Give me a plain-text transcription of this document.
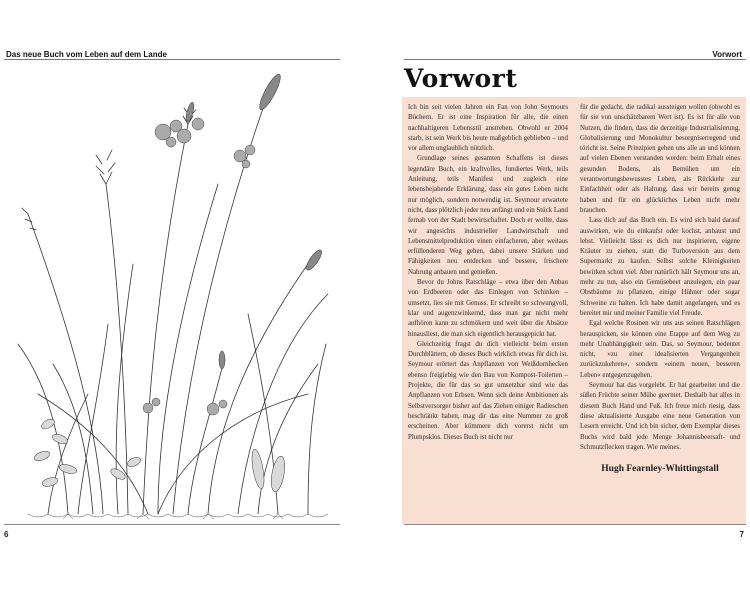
Das neue Buch vom Leben auf dem Lande	Vorwort
6	7
Vorwort

Ich bin seit vielen Jahren ein Fan von John Seymours Büchern. Er ist eine Inspiration für alle, die einen nachhaltigeren Lebensstil anstreben. Obwohl er 2004 starb, ist sein Werk bis heute maßgeblich geblieben – und vor allem unglaublich nützlich.

Grundlage seines gesamten Schaffens ist dieses legendäre Buch, ein kraftvolles, fundiertes Werk, teils Anleitung, teils Manifest und zugleich eine lebensbejahende Erklärung, dass ein gutes Leben nicht nur möglich, sondern notwendig ist. Seymour erwartete nicht, dass plötzlich jeder neu anfängt und ein Stück Land fernab von der Stadt bewirtschaftet. Doch er wollte, dass wir angesichts industrieller Landwirtschaft und Lebensmittelproduktion einen einfacheren, aber weitaus erfüllenderen Weg gehen, dabei unsere Stärken und Fähigkeiten neu entdecken und bessere, frischere Nahrung anbauen und genießen.

Bevor du Johns Ratschläge – etwa über den Anbau von Erdbeeren oder das Einlegen von Schinken – umsetzt, lies sie mit Genuss. Er schreibt so schwungvoll, klar und augenzwinkernd, dass man gar nicht mehr aufhören kann zu schmökern und weit über die Absätze hinausliest, die man sich eigentlich herausgepickt hat.

Gleichzeitig fragst du dich vielleicht beim ersten Durchblättern, ob dieses Buch wirklich etwas für dich ist. Seymour erörtert das Anpflanzen von Weißdornhecken ebenso freigiebig wie den Bau von Kompost-Toiletten – Projekte, die für das so gut umsetzbar sind wie das Anpflanzen von Erbsen. Wenn sich deine Ambitionen als Selbstversorger bisher auf das Ziehen einiger Radieschen beschränkt haben, mag dir das eine Nummer zu groß erscheinen. Aber kümmere dich vorerst nicht um Plumpsklos. Dieses Buch ist nicht nur

für die gedacht, die radikal aussteigen wollen (obwohl es für sie von unschätzbarem Wert ist). Es ist für alle von Nutzen, die finden, dass die derzeitige Industrialisierung, Globalisierung und Monokultur besorgniserregend und töricht ist. Seine Prinzipien gehen uns alle an und können auf vielen Ebenen verstanden werden: beim Erhalt eines gesunden Bodens, als Bemühen um ein verantwortungsbewusstes Leben, als Rückkehr zur Einfachheit oder als Haltung, dass wir bereits genug haben und für ein glückliches Leben nicht mehr brauchen.

Lass dich auf das Buch ein. Es wird sich bald darauf auswirken, wie du einkaufst oder kochst, anbaust und lebst. Vielleicht lässt es dich nur inspirieren, eigene Kräuter zu ziehen, statt die Turboversion aus dem Supermarkt zu kaufen. Selbst solche Kleinigkeiten bewirken schon viel. Aber natürlich hält Seymour uns an, mehr zu tun, also ein Gemüsebeet anzulegen, ein paar Obstbäume zu pflanzen, einige Hühner oder sogar Schweine zu halten. Ich habe damit angefangen, und es bereitet mir und meiner Familie viel Freude.

Egal welche Rosinen wir uns aus seinen Ratschlägen herauspicken, sie können eine Etappe auf dem Weg zu mehr Unabhängigkeit sein. Das, so Seymour, bedeutet nicht, »zu einer idealisierten Vergangenheit zurückzukehren«, sondern »einem neuen, besseren Leben« entgegenzugehen.

Seymour hat das vorgelebt. Er hat gearbeitet und die süßen Früchte seiner Mühe geerntet. Deshalb hat alles in diesem Buch Hand und Fuß. Ich freue mich riesig, dass diese aktualisierte Ausgabe eine neue Generation von Lesern erreicht. Und ich bin sicher, dem Exemplar dieses Buchs wird bald jede Menge Johannisbeersaft- und Schmutzflecken tragen. Wie meines.

Hugh Fearnley-Whittingstall
